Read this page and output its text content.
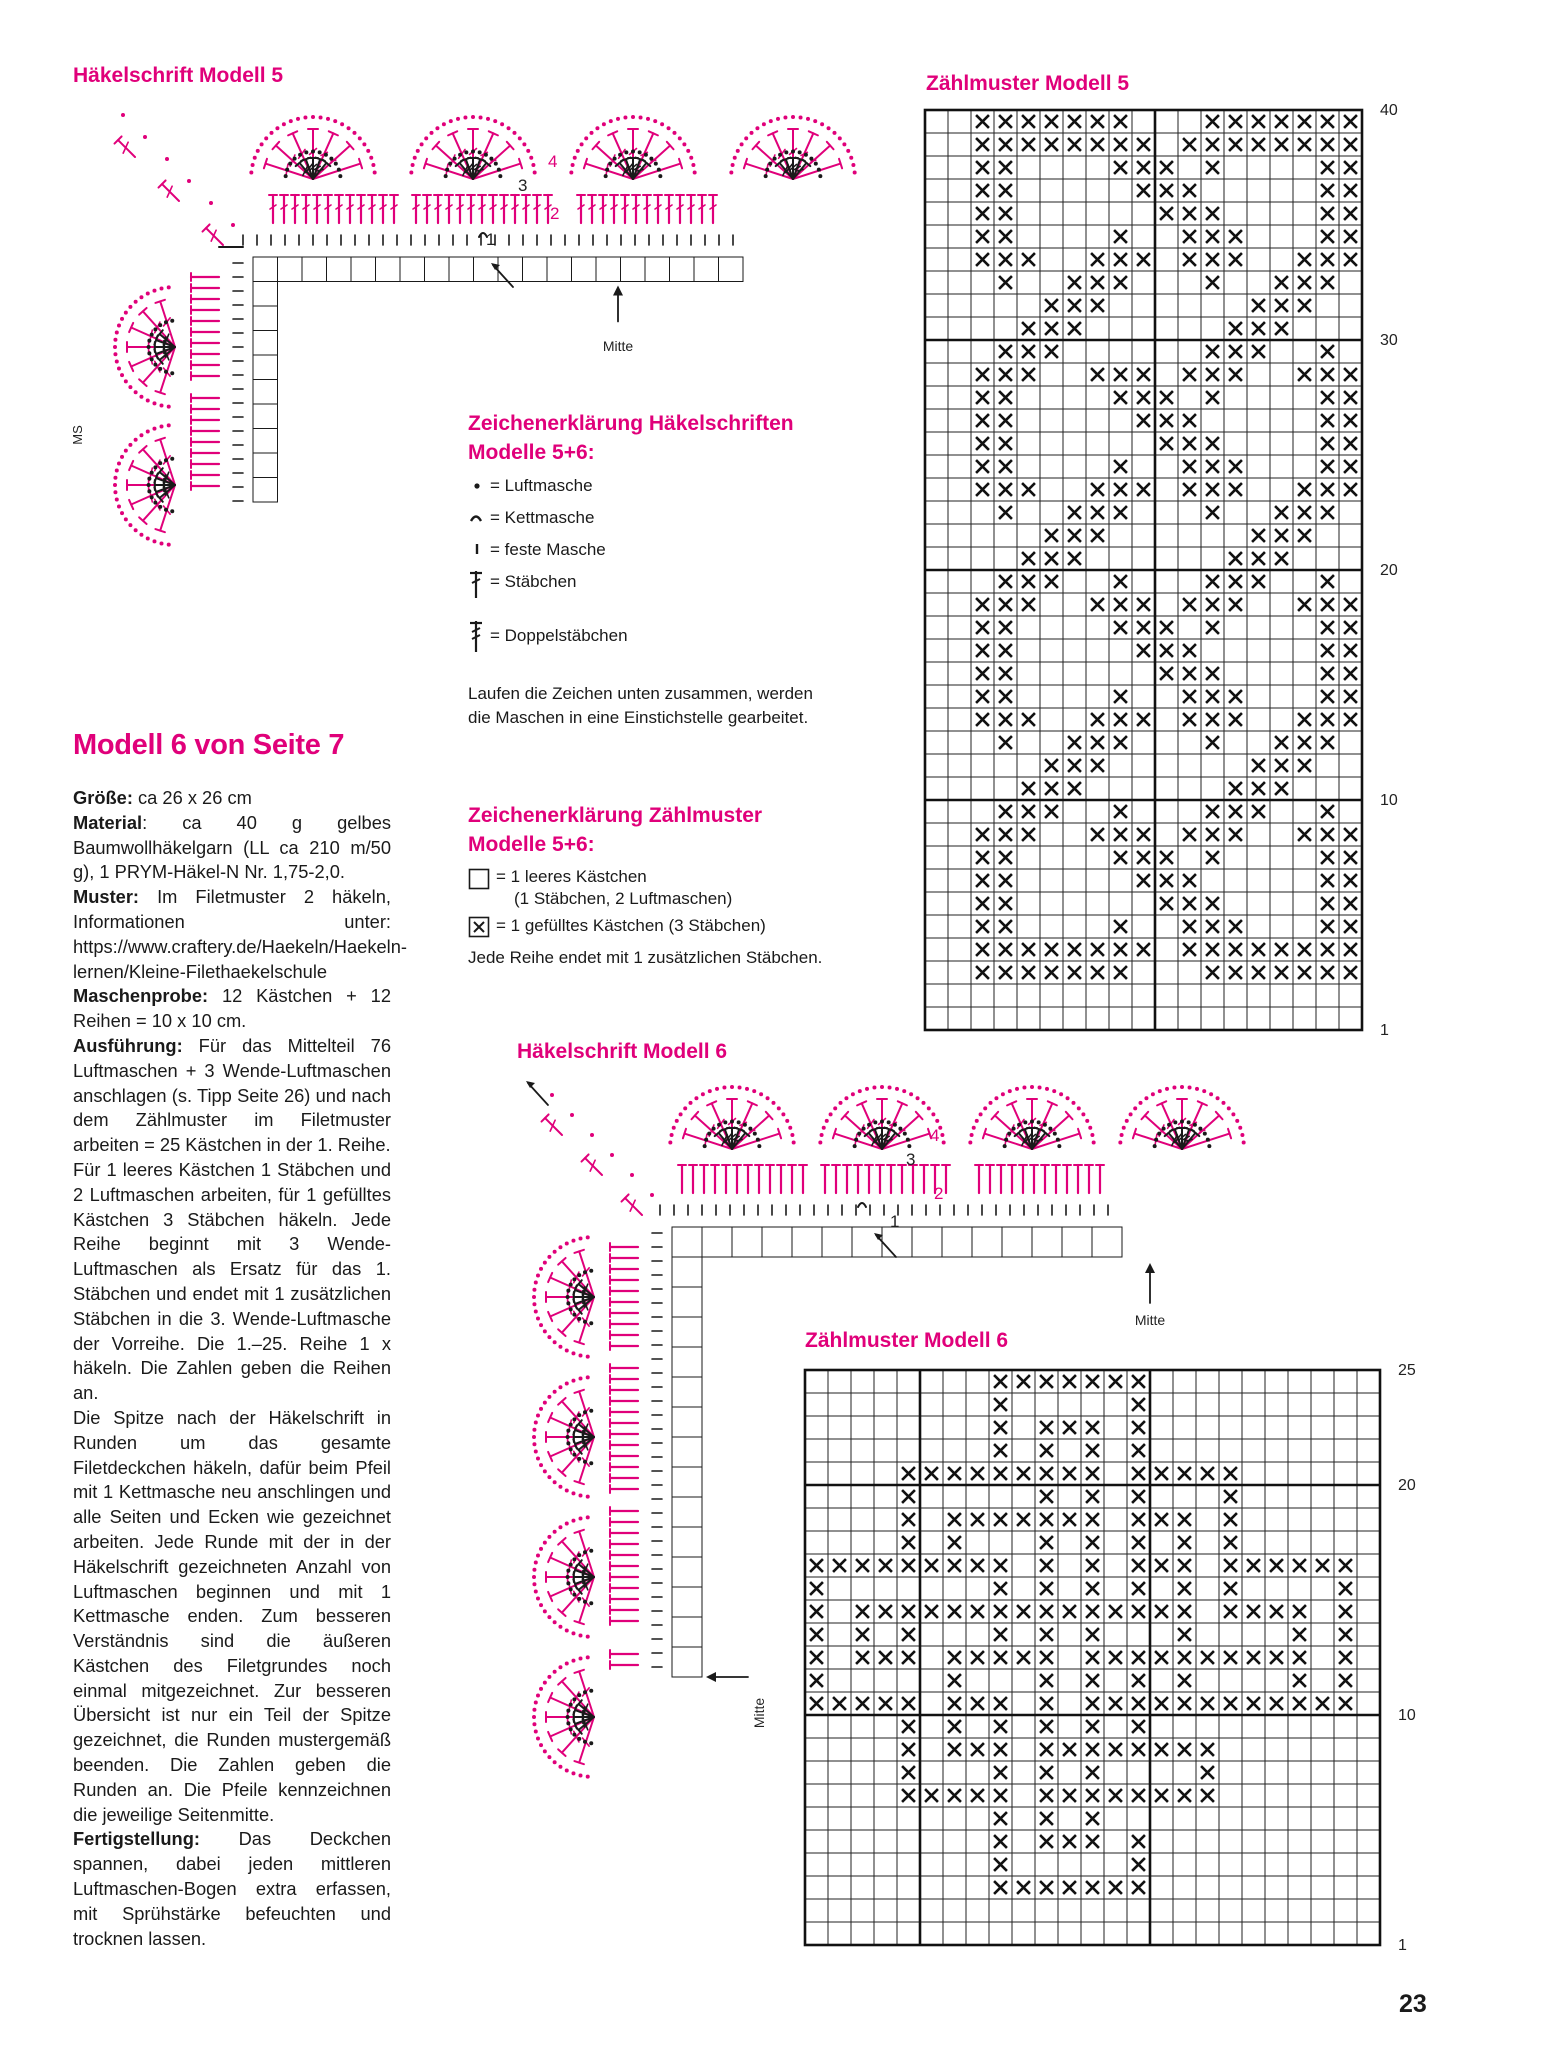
Häkelschrift Modell 5
1
2
3
4
Mitte
MS	Zeichenerklärung Häkelschriften
Modelle 5+6:
= Luftmasche
= Kettmasche
= feste Masche
= Stäbchen
= Doppelstäbchen
Laufen die Zeichen unten zusammen, werden
die Maschen in eine Einstichstelle gearbeitet.
Zeichenerklärung Zählmuster
Modelle 5+6:
= 1 leeres Kästchen
(1 Stäbchen, 2 Luftmaschen)
= 1 gefülltes Kästchen (3 Stäbchen)
Jede Reihe endet mit 1 zusätzlichen Stäbchen.
Modell 6 von Seite 7

Größe: ca 26 x 26 cm

Material: ca 40 g gelbes Baumwollhäkelgarn (LL ca 210 m/50 g), 1 PRYM-Häkel-N Nr. 1,75-2,0.

Muster: Im Filetmuster 2 häkeln, Informationen unter: https://www.craftery.de/Haekeln/Haekeln-lernen/Kleine-Filethaekelschule

Maschenprobe: 12 Kästchen + 12 Reihen = 10 x 10 cm.

Ausführung: Für das Mittelteil 76 Luftmaschen + 3 Wende-Luftmaschen anschlagen (s. Tipp Seite 26) und nach dem Zählmuster im Filetmuster arbeiten = 25 Kästchen in der 1. Reihe.

Für 1 leeres Kästchen 1 Stäbchen und 2 Luftmaschen arbeiten, für 1 gefülltes Kästchen 3 Stäbchen häkeln. Jede Reihe beginnt mit 3 Wende-Luftmaschen als Ersatz für das 1. Stäbchen und endet mit 1 zusätzlichen Stäbchen in die 3. Wende-Luftmasche der Vorreihe. Die 1.–25. Reihe 1 x häkeln. Die Zahlen geben die Reihen an.

Die Spitze nach der Häkelschrift in Runden um das gesamte Filetdeckchen häkeln, dafür beim Pfeil mit 1 Kettmasche neu anschlingen und alle Seiten und Ecken wie gezeichnet arbeiten. Jede Runde mit der in der Häkelschrift gezeichneten Anzahl von Luftmaschen beginnen und mit 1 Kettmasche enden. Zum besseren Verständnis sind die äußeren Kästchen des Filetgrundes noch einmal mitgezeichnet. Zur besseren Übersicht ist nur ein Teil der Spitze gezeichnet, die Runden mustergemäß beenden. Die Zahlen geben die Runden an. Die Pfeile kennzeichnen die jeweilige Seitenmitte.

Fertigstellung: Das Deckchen spannen, dabei jeden mittleren Luftmaschen-Bogen extra erfassen, mit Sprühstärke befeuchten und trocknen lassen.

Zählmuster Modell 5
40
30
20
10
1
Häkelschrift Modell 6
1
2
3
4
Mitte
Mitte
Zählmuster Modell 6
25
20
10
1
23
